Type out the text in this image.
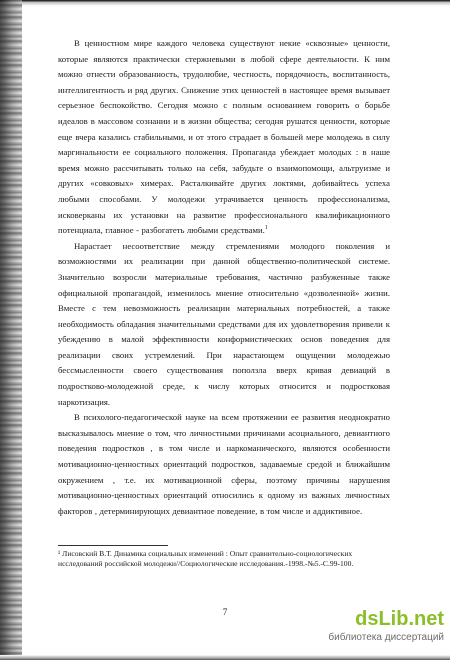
В ценностном мире каждого человека существуют некие «сквозные» ценности, которые являются практически стержневыми в любой сфере деятельности. К ним можно отнести образованность, трудолюбие, честность, порядочность, воспитанность, интеллигентность и ряд других. Снижение этих ценностей в настоящее время вызывает серьезное беспокойство. Сегодня можно с полным основанием говорить о борьбе идеалов в массовом сознании и в жизни общества; сегодня рушатся ценности, которые еще вчера казались стабильными, и от этого страдает в большей мере молодежь в силу маргинальности ее социального положения. Пропаганда убеждает молодых : в наше время можно рассчитывать только на себя, забудьте о взаимопомощи, альтруизме и других «совковых» химерах. Расталкивайте других локтями, добивайтесь успеха любыми способами. У молодежи утрачивается ценность профессионализма, исковерканы их установки на развитие профессионального квалификационного потенциала, главное - разбогатеть любыми средствами.$^1$

Нарастает несоответствие между стремлениями молодого поколения и возможностями их реализации при данной общественно-политической системе. Значительно возросли материальные требования, частично разбуженные также официальной пропагандой, изменилось мнение относительно «дозволенной» жизни. Вместе с тем невозможность реализации материальных потребностей, а также необходимость обладания значительными средствами для их удовлетворения привели к убеждению в малой эффективности конформистических основ поведения для реализации своих устремлений. При нарастающем ощущении молодежью бессмысленности своего существования поползла вверх кривая девиаций в подростково-молодежной среде, к числу которых относится и подростковая наркотизация.

В психолого-педагогической науке на всем протяжении ее развития неоднократно высказывалось мнение о том, что личностными причинами асоциального, девиантного поведения подростков , в том числе и наркоманического, являются особенности мотивационно-ценностных ориентаций подростков, задаваемые средой и ближайшим окружением , т.е. их мотивационной сферы, поэтому причины нарушения мотивационно-ценностных ориентаций относились к одному из важных личностных факторов , детерминирующих девиантное поведение, в том числе и аддиктивное.

¹ Лисовский В.Т. Динамика социальных изменений : Опыт сравнительно-социологических исследований российской молодежи//Социологические исследования.-1998.-№5.-С.99-100.

7	dsLib.net
библиотека диссертаций
